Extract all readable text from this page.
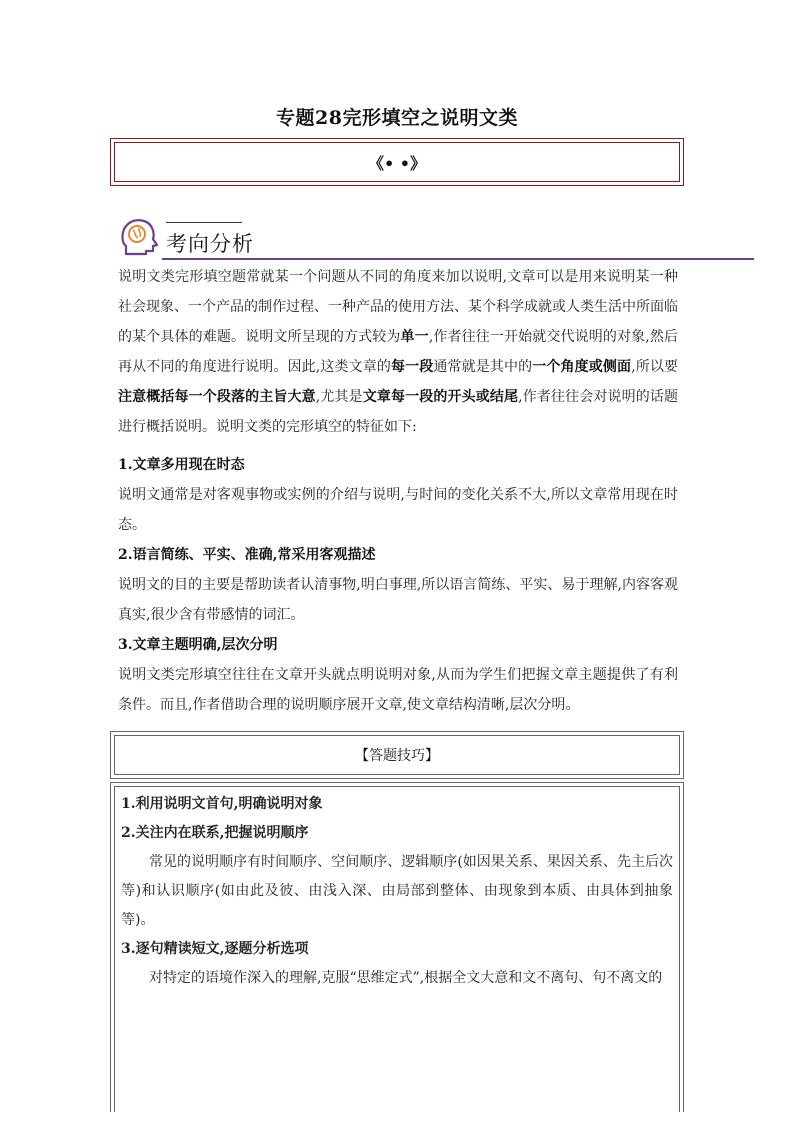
专题28完形填空之说明文类
《• •》
考向分析

说明文类完形填空题常就某一个问题从不同的角度来加以说明,文章可以是用来说明某一种社会现象、一个产品的制作过程、一种产品的使用方法、某个科学成就或人类生活中所面临的某个具体的难题。说明文所呈现的方式较为单一,作者往往一开始就交代说明的对象,然后再从不同的角度进行说明。因此,这类文章的每一段通常就是其中的一个角度或侧面,所以要注意概括每一个段落的主旨大意,尤其是文章每一段的开头或结尾,作者往往会对说明的话题进行概括说明。说明文类的完形填空的特征如下:

1.文章多用现在时态

说明文通常是对客观事物或实例的介绍与说明,与时间的变化关系不大,所以文章常用现在时态。

2.语言简练、平实、准确,常采用客观描述

说明文的目的主要是帮助读者认清事物,明白事理,所以语言简练、平实、易于理解,内容客观真实,很少含有带感情的词汇。

3.文章主题明确,层次分明

说明文类完形填空往往在文章开头就点明说明对象,从而为学生们把握文章主题提供了有利条件。而且,作者借助合理的说明顺序展开文章,使文章结构清晰,层次分明。

【答题技巧】

1.利用说明文首句,明确说明对象

2.关注内在联系,把握说明顺序

常见的说明顺序有时间顺序、空间顺序、逻辑顺序(如因果关系、果因关系、先主后次等)和认识顺序(如由此及彼、由浅入深、由局部到整体、由现象到本质、由具体到抽象等)。

3.逐句精读短文,逐题分析选项

对特定的语境作深入的理解,克服“思维定式”,根据全文大意和文不离句、句不离文的
